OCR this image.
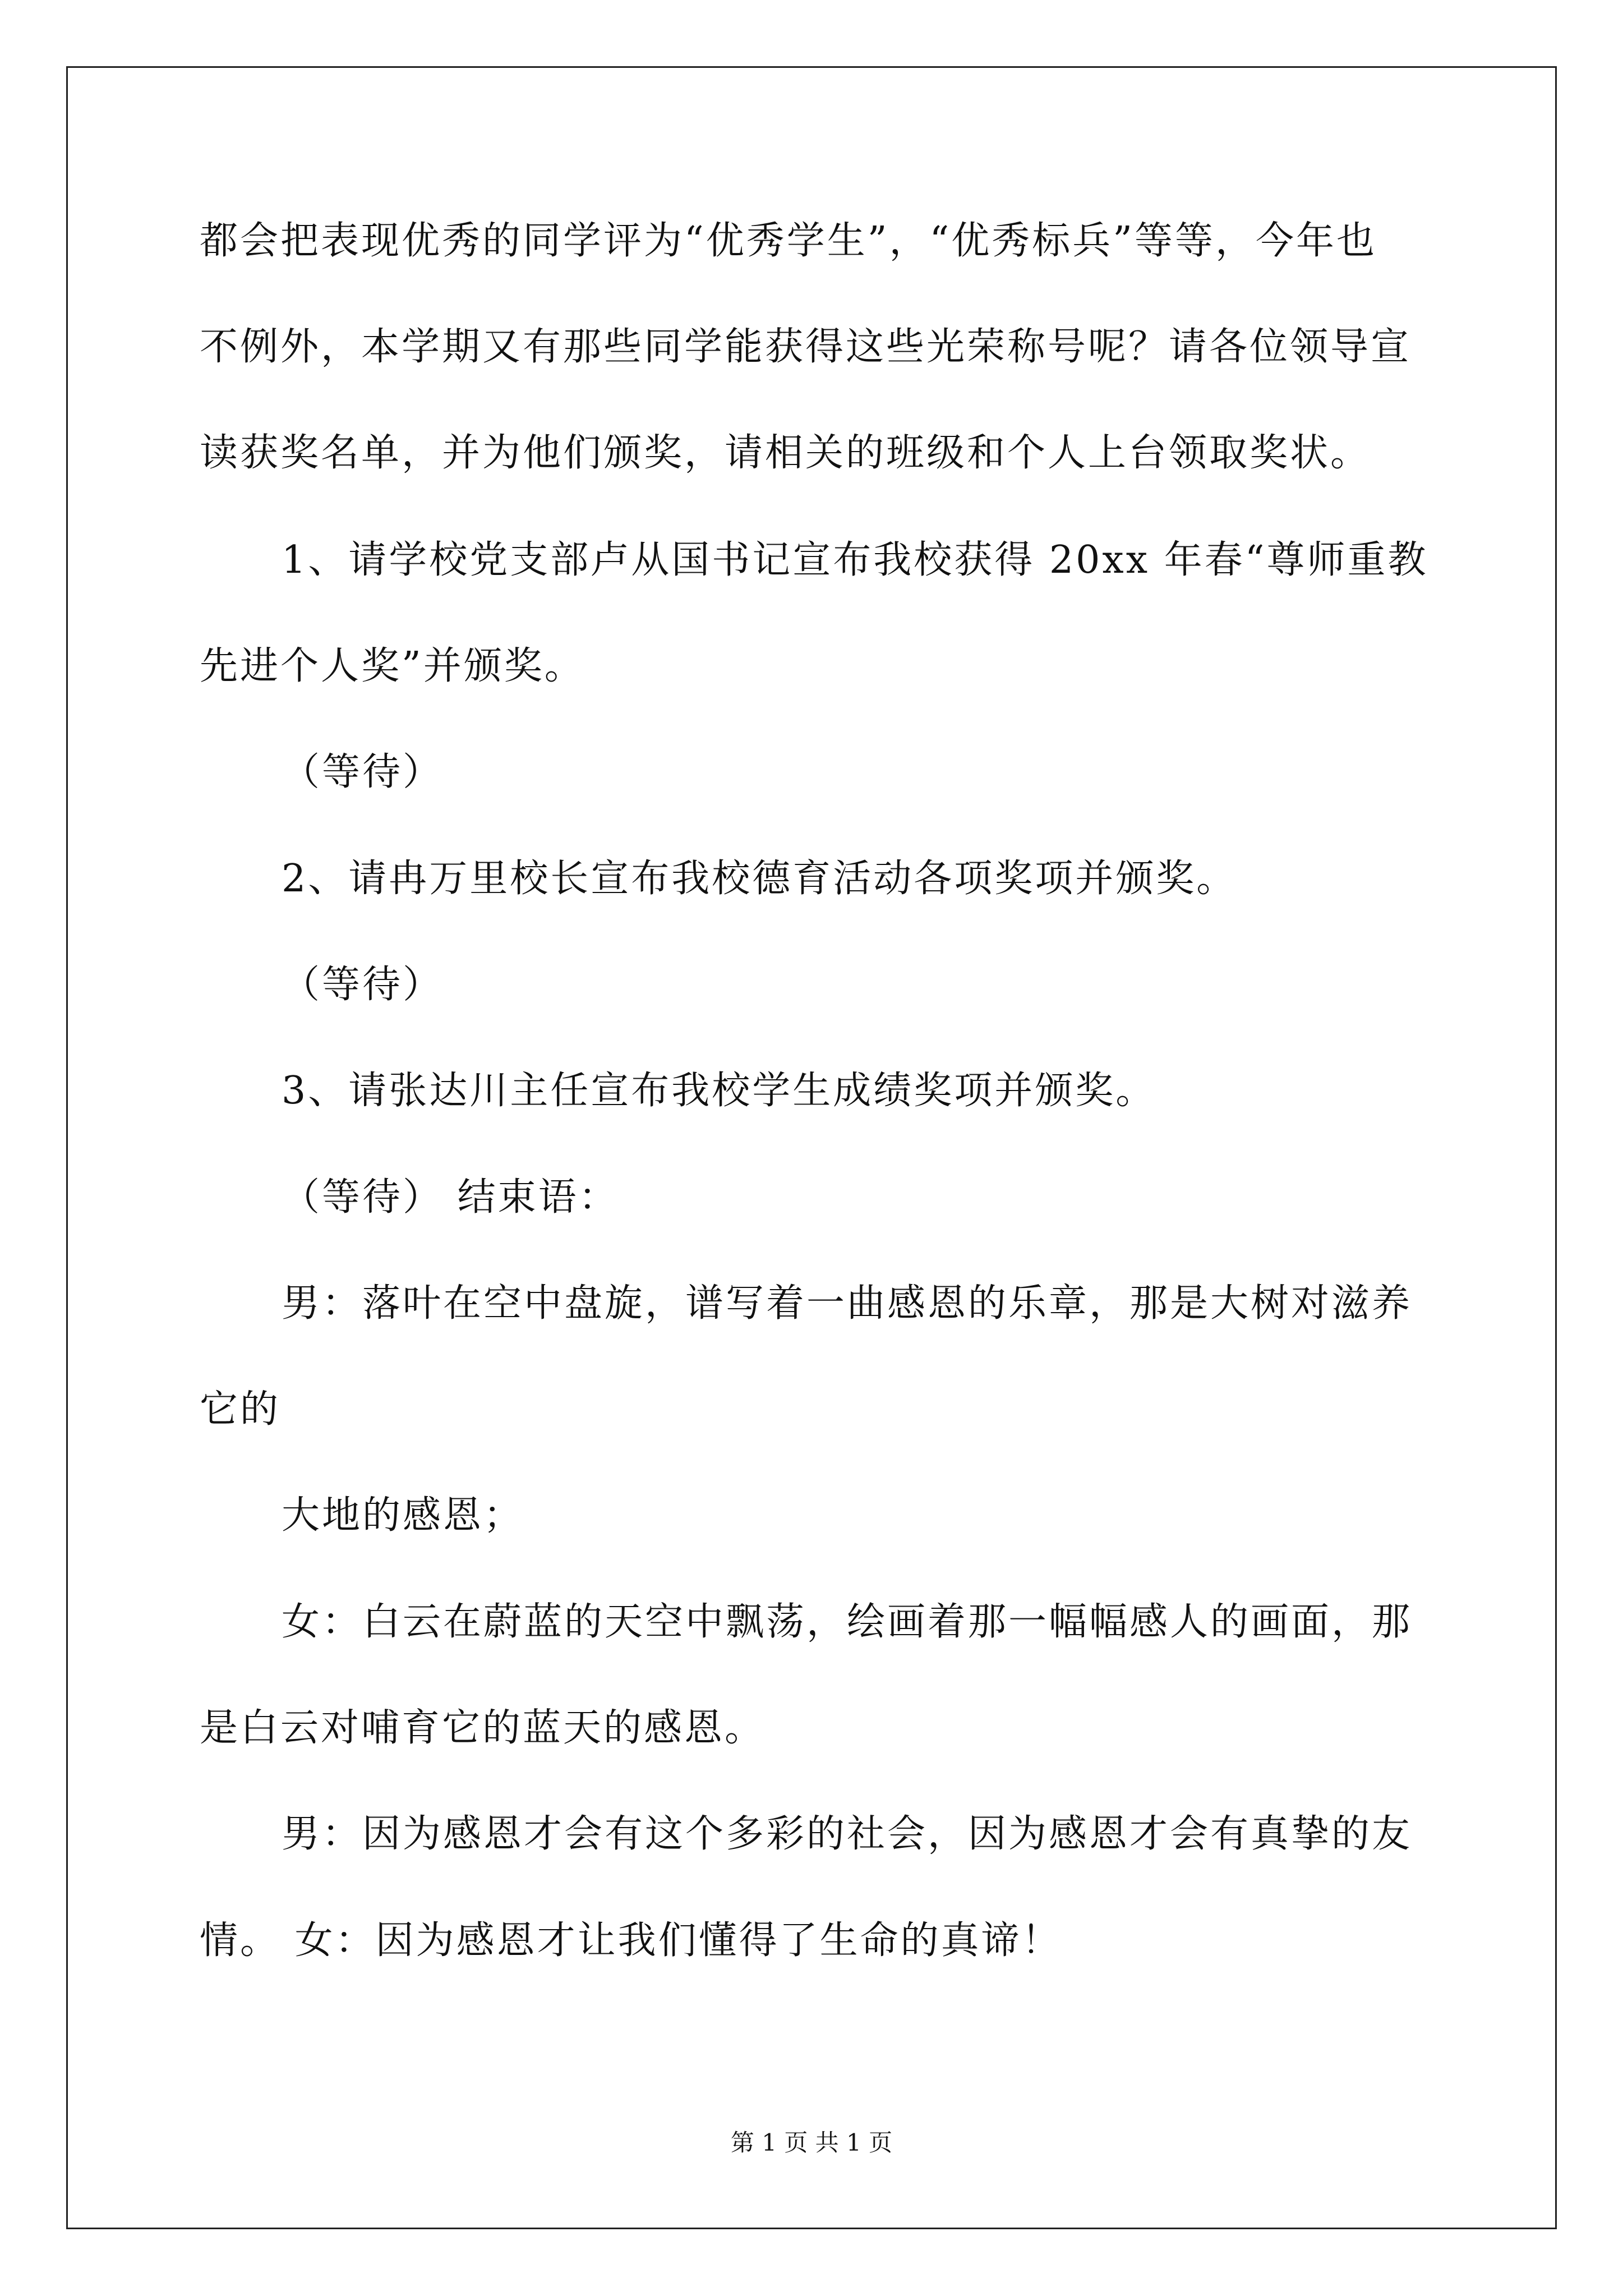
都会把表现优秀的同学评为“优秀学生”，“优秀标兵”等等，今年也
不例外，本学期又有那些同学能获得这些光荣称号呢？请各位领导宣
读获奖名单，并为他们颁奖，请相关的班级和个人上台领取奖状。
1、请学校党支部卢从国书记宣布我校获得 20xx 年春“尊师重教
先进个人奖”并颁奖。
（等待）
2、请冉万里校长宣布我校德育活动各项奖项并颁奖。
（等待）
3、请张达川主任宣布我校学生成绩奖项并颁奖。
（等待） 结束语：
男：落叶在空中盘旋，谱写着一曲感恩的乐章，那是大树对滋养
它的
大地的感恩；
女：白云在蔚蓝的天空中飘荡，绘画着那一幅幅感人的画面，那
是白云对哺育它的蓝天的感恩。
男：因为感恩才会有这个多彩的社会，因为感恩才会有真挚的友
情。 女：因为感恩才让我们懂得了生命的真谛！
第 1 页 共 1 页
